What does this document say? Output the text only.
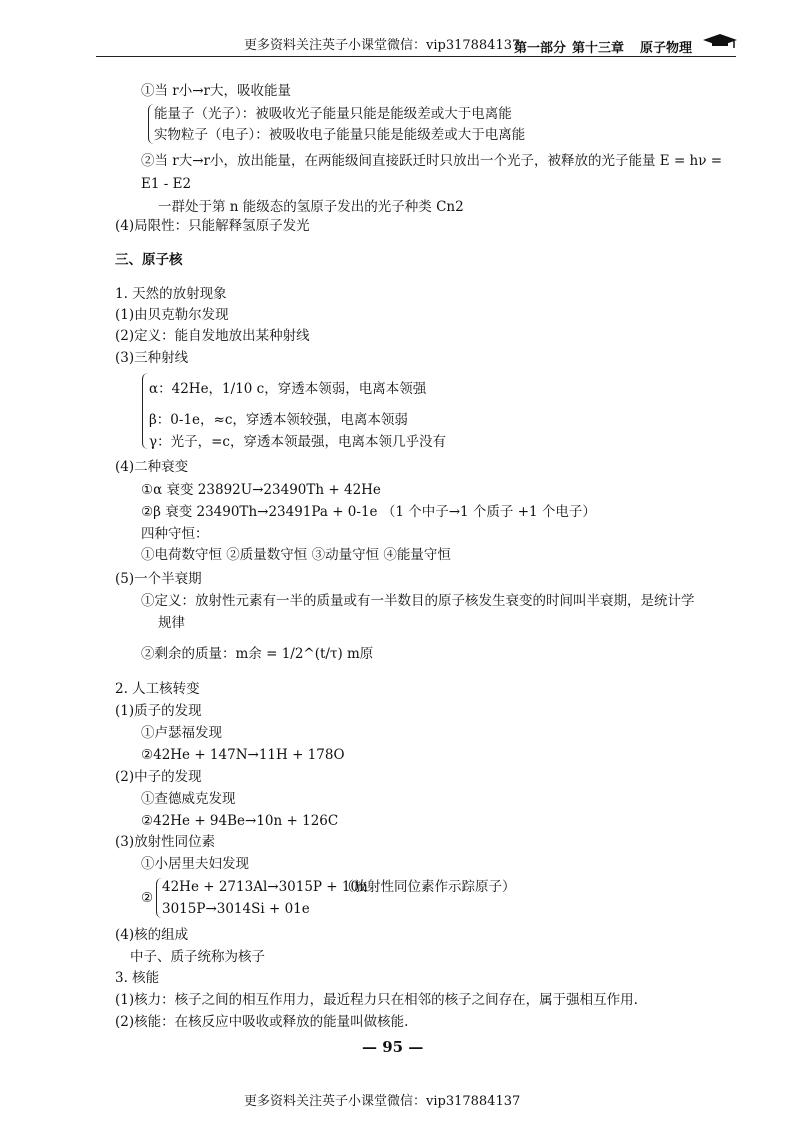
更多资料关注英子小课堂微信：vip317884137
第一部分 第十三章 原子物理
①当 r小→r大，吸收能量
能量子（光子）：被吸收光子能量只能是能级差或大于电离能
实物粒子（电子）：被吸收电子能量只能是能级差或大于电离能
②当 r大→r小，放出能量，在两能级间直接跃迁时只放出一个光子，被释放的光子能量 E = hν =
E1 - E2
一群处于第 n 能级态的氢原子发出的光子种类 Cn2
(4)局限性：只能解释氢原子发光
三、原子核
1. 天然的放射现象
(1)由贝克勒尔发现
(2)定义：能自发地放出某种射线
(3)三种射线
α：42He，1/10 c，穿透本领弱，电离本领强
β：0-1e，≈c，穿透本领较强，电离本领弱
γ：光子，=c，穿透本领最强，电离本领几乎没有
(4)二种衰变
①α 衰变 23892U→23490Th + 42He
②β 衰变 23490Th→23491Pa + 0-1e （1 个中子→1 个质子 +1 个电子）
四种守恒：
①电荷数守恒 ②质量数守恒 ③动量守恒 ④能量守恒
(5)一个半衰期
①定义：放射性元素有一半的质量或有一半数目的原子核发生衰变的时间叫半衰期，是统计学
规律
②剩余的质量：m余 = 1/2^(t/τ) m原
2. 人工核转变
(1)质子的发现
①卢瑟福发现
②42He + 147N→11H + 178O
(2)中子的发现
①查德威克发现
②42He + 94Be→10n + 126C
(3)放射性同位素
①小居里夫妇发现
②
42He + 2713Al→3015P + 10n
3015P→3014Si + 01e
（放射性同位素作示踪原子）
(4)核的组成
中子、质子统称为核子
3. 核能
(1)核力：核子之间的相互作用力，最近程力只在相邻的核子之间存在，属于强相互作用.
(2)核能：在核反应中吸收或释放的能量叫做核能.
— 95 —
更多资料关注英子小课堂微信：vip317884137
